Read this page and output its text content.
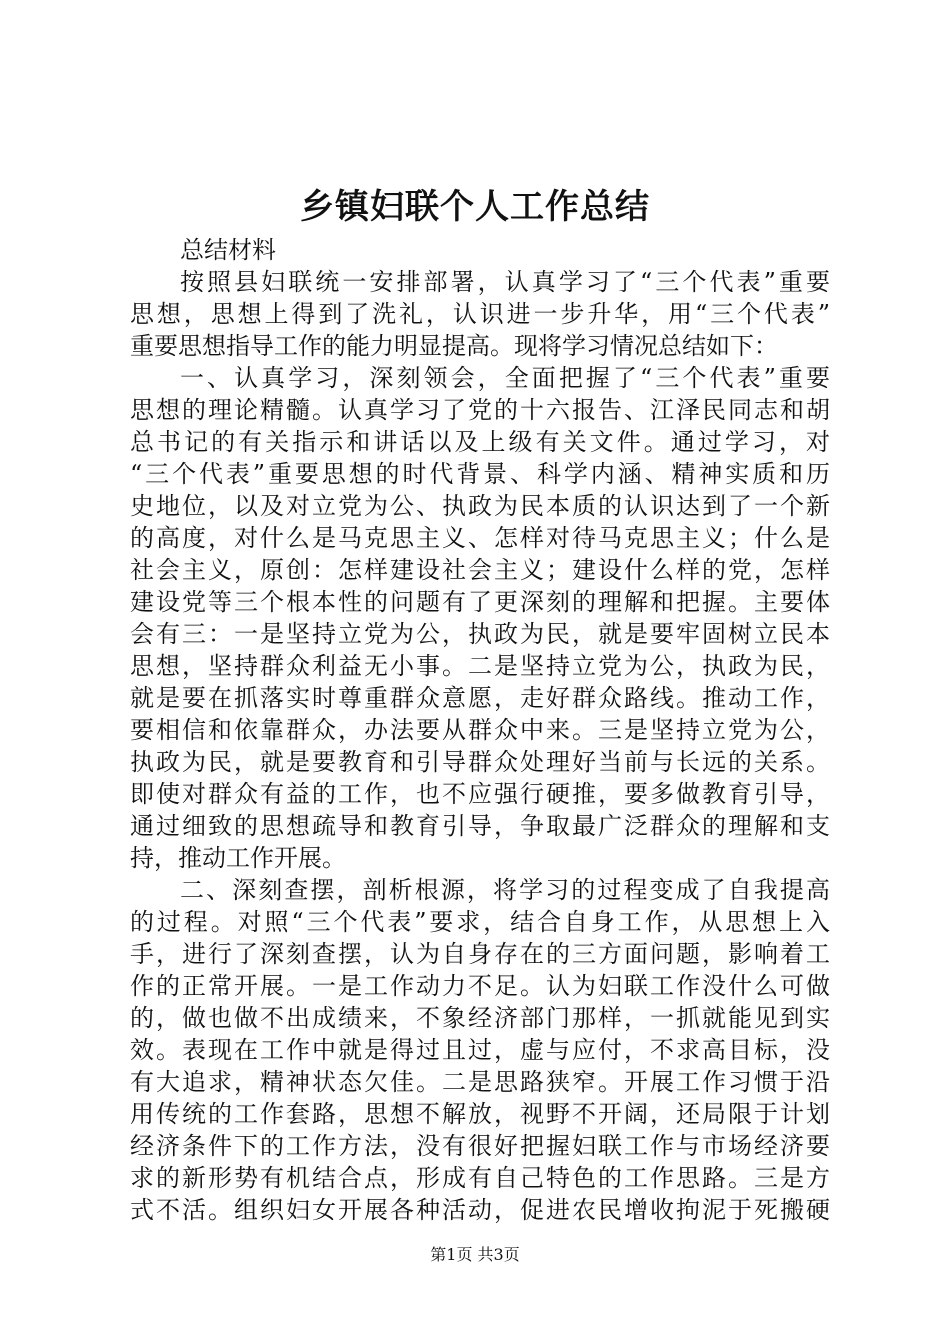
乡镇妇联个人工作总结
总结材料
按照县妇联统一安排部署，认真学习了“三个代表”重要
思想，思想上得到了洗礼，认识进一步升华，用“三个代表”
重要思想指导工作的能力明显提高。现将学习情况总结如下：
一、认真学习，深刻领会，全面把握了“三个代表”重要
思想的理论精髓。认真学习了党的十六报告、江泽民同志和胡
总书记的有关指示和讲话以及上级有关文件。通过学习，对
“三个代表”重要思想的时代背景、科学内涵、精神实质和历
史地位，以及对立党为公、执政为民本质的认识达到了一个新
的高度，对什么是马克思主义、怎样对待马克思主义；什么是
社会主义，原创：怎样建设社会主义；建设什么样的党，怎样
建设党等三个根本性的问题有了更深刻的理解和把握。主要体
会有三：一是坚持立党为公，执政为民，就是要牢固树立民本
思想，坚持群众利益无小事。二是坚持立党为公，执政为民，
就是要在抓落实时尊重群众意愿，走好群众路线。推动工作，
要相信和依靠群众，办法要从群众中来。三是坚持立党为公，
执政为民，就是要教育和引导群众处理好当前与长远的关系。
即使对群众有益的工作，也不应强行硬推，要多做教育引导，
通过细致的思想疏导和教育引导，争取最广泛群众的理解和支
持，推动工作开展。
二、深刻查摆，剖析根源，将学习的过程变成了自我提高
的过程。对照“三个代表”要求，结合自身工作，从思想上入
手，进行了深刻查摆，认为自身存在的三方面问题，影响着工
作的正常开展。一是工作动力不足。认为妇联工作没什么可做
的，做也做不出成绩来，不象经济部门那样，一抓就能见到实
效。表现在工作中就是得过且过，虚与应付，不求高目标，没
有大追求，精神状态欠佳。二是思路狭窄。开展工作习惯于沿
用传统的工作套路，思想不解放，视野不开阔，还局限于计划
经济条件下的工作方法，没有很好把握妇联工作与市场经济要
求的新形势有机结合点，形成有自己特色的工作思路。三是方
式不活。组织妇女开展各种活动，促进农民增收拘泥于死搬硬
第1页 共3页
